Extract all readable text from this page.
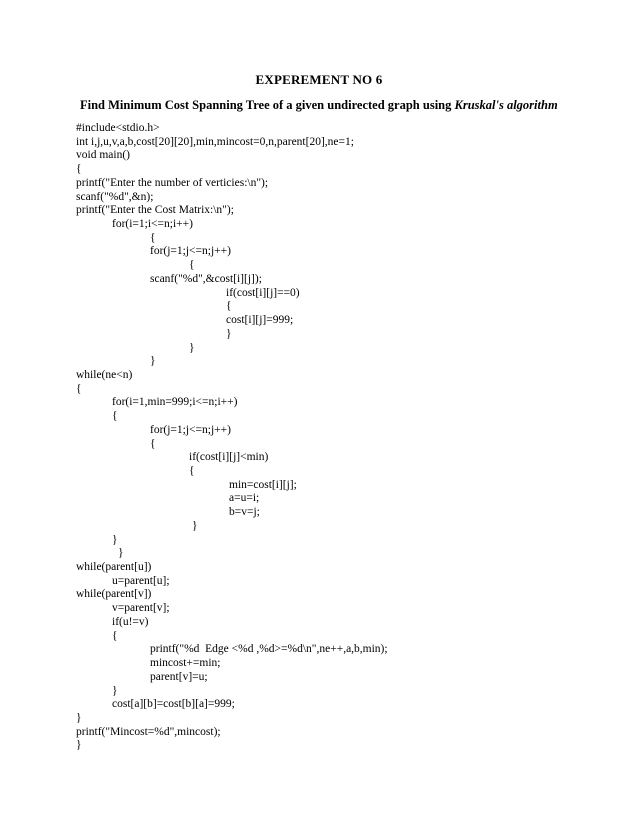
EXPEREMENT NO 6
Find Minimum Cost Spanning Tree of a given undirected graph using Kruskal's algorithm
#include<stdio.h>
int i,j,u,v,a,b,cost[20][20],min,mincost=0,n,parent[20],ne=1;
void main()
{
printf("Enter the number of verticies:\n");
scanf("%d",&n);
printf("Enter the Cost Matrix:\n");
for(i=1;i<=n;i++)
{
for(j=1;j<=n;j++)
{
scanf("%d",&cost[i][j]);
if(cost[i][j]==0)
{
cost[i][j]=999;
}
}
}
while(ne<n)
{
for(i=1,min=999;i<=n;i++)
{
for(j=1;j<=n;j++)
{
if(cost[i][j]<min)
{
min=cost[i][j];
a=u=i;
b=v=j;
}
}
}
while(parent[u])
u=parent[u];
while(parent[v])
v=parent[v];
if(u!=v)
{
printf("%d  Edge <%d ,%d>=%d\n",ne++,a,b,min);
mincost+=min;
parent[v]=u;
}
cost[a][b]=cost[b][a]=999;
}
printf("Mincost=%d",mincost);
}
